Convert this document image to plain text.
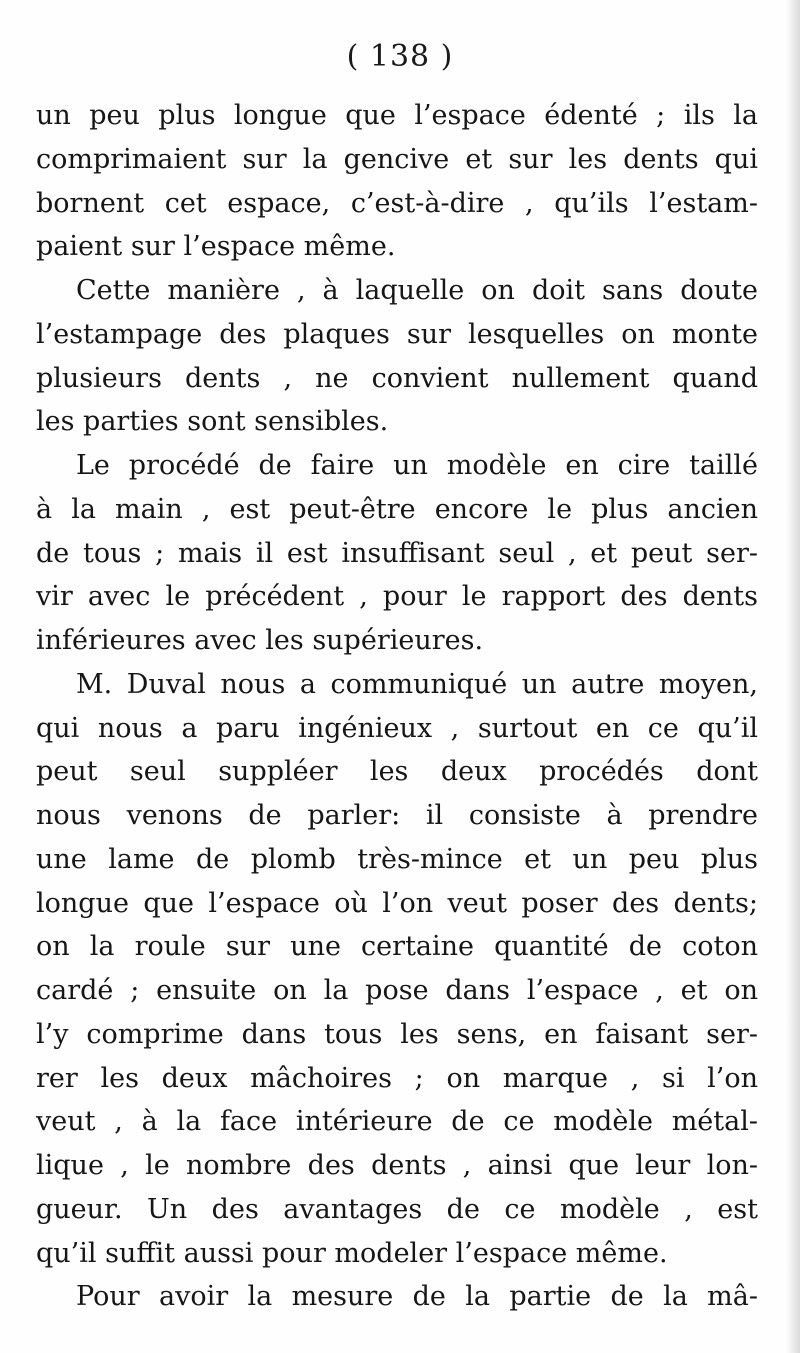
( 138 )
un peu plus longue que l’espace édenté ; ils la
comprimaient sur la gencive et sur les dents qui
bornent cet espace, c’est-à-dire , qu’ils l’estam-
paient sur l’espace même.
Cette manière , à laquelle on doit sans doute
l’estampage des plaques sur lesquelles on monte
plusieurs dents , ne convient nullement quand
les parties sont sensibles.
Le procédé de faire un modèle en cire taillé
à la main , est peut-être encore le plus ancien
de tous ; mais il est insuffisant seul , et peut ser-
vir avec le précédent , pour le rapport des dents
inférieures avec les supérieures.
M. Duval nous a communiqué un autre moyen,
qui nous a paru ingénieux , surtout en ce qu’il
peut seul suppléer les deux procédés dont
nous venons de parler: il consiste à prendre
une lame de plomb très-mince et un peu plus
longue que l’espace où l’on veut poser des dents;
on la roule sur une certaine quantité de coton
cardé ; ensuite on la pose dans l’espace , et on
l’y comprime dans tous les sens, en faisant ser-
rer les deux mâchoires ; on marque , si l’on
veut , à la face intérieure de ce modèle métal-
lique , le nombre des dents , ainsi que leur lon-
gueur. Un des avantages de ce modèle , est
qu’il suffit aussi pour modeler l’espace même.
Pour avoir la mesure de la partie de la mâ-
